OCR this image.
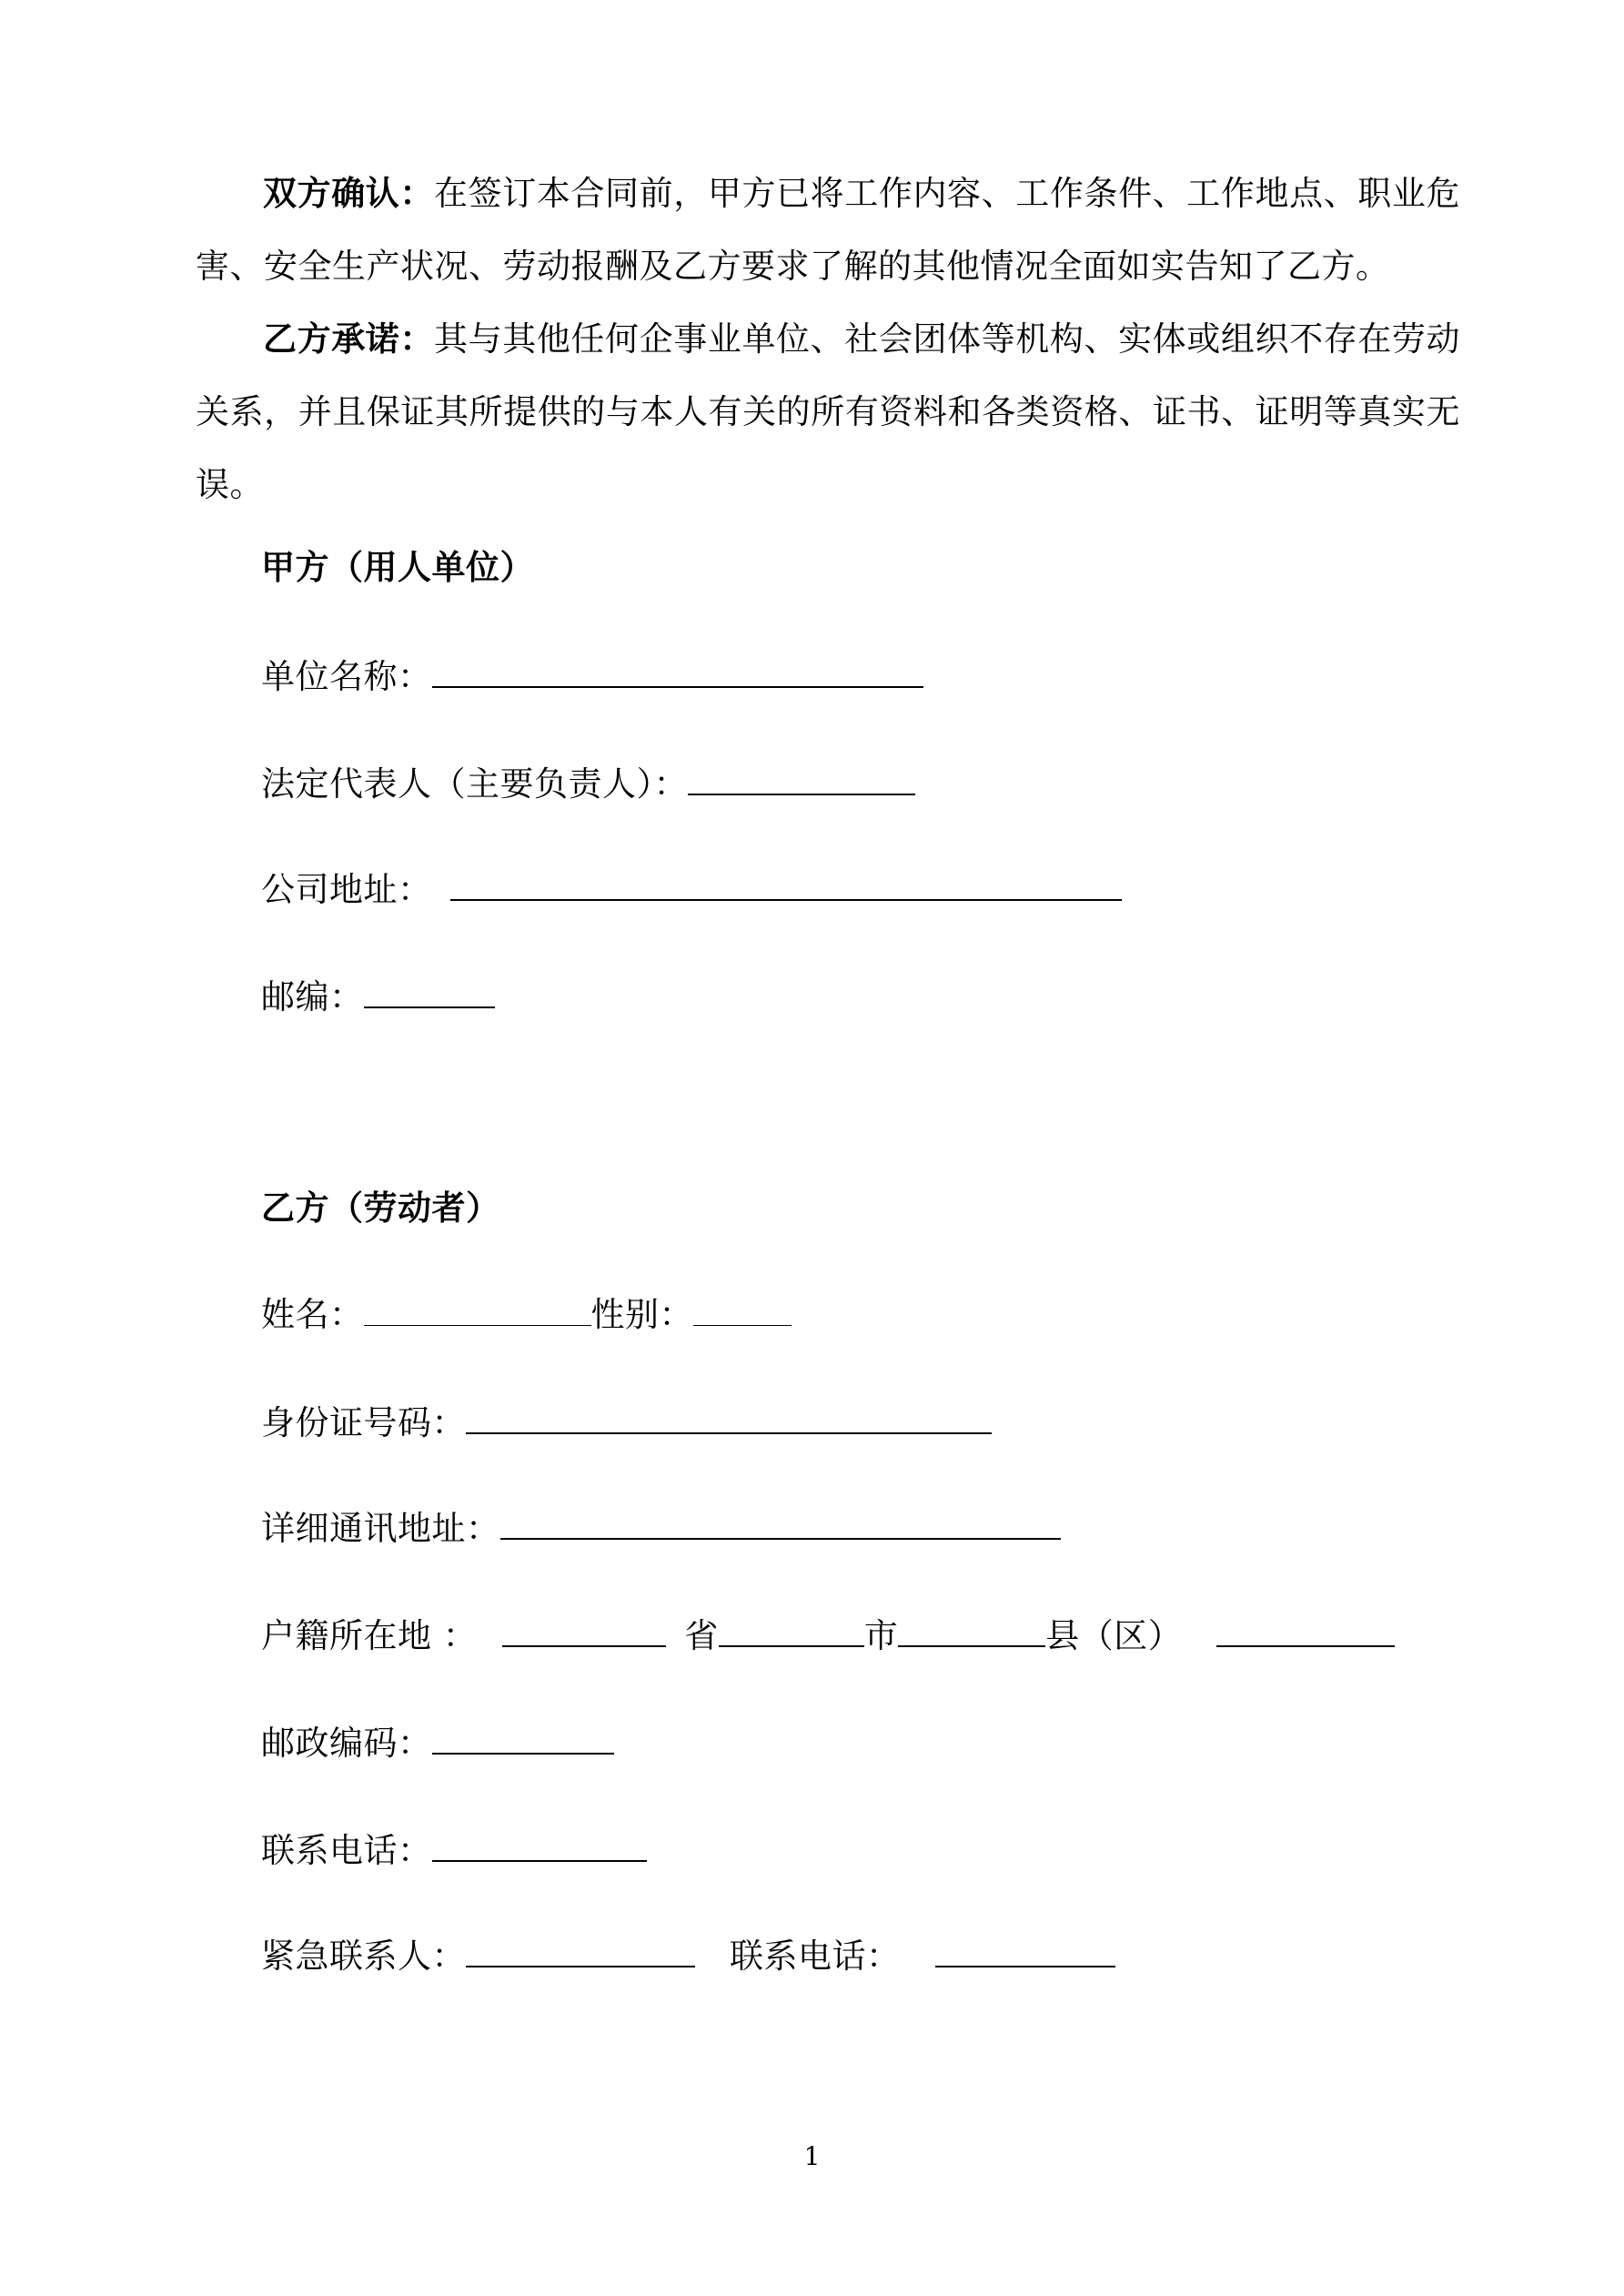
双方确认：在签订本合同前，甲方已将工作内容、工作条件、工作地点、职业危害、安全生产状况、劳动报酬及乙方要求了解的其他情况全面如实告知了乙方。
乙方承诺：其与其他任何企事业单位、社会团体等机构、实体或组织不存在劳动关系，并且保证其所提供的与本人有关的所有资料和各类资格、证书、证明等真实无误。
甲方（用人单位）
单位名称：
法定代表人（主要负责人）：
公司地址：
邮编：
乙方（劳动者）
姓名：	性别：
身份证号码：
详细通讯地址：
户籍所在地 ：	省	市	县（区）
邮政编码：
联系电话：
紧急联系人：	联系电话：
1
